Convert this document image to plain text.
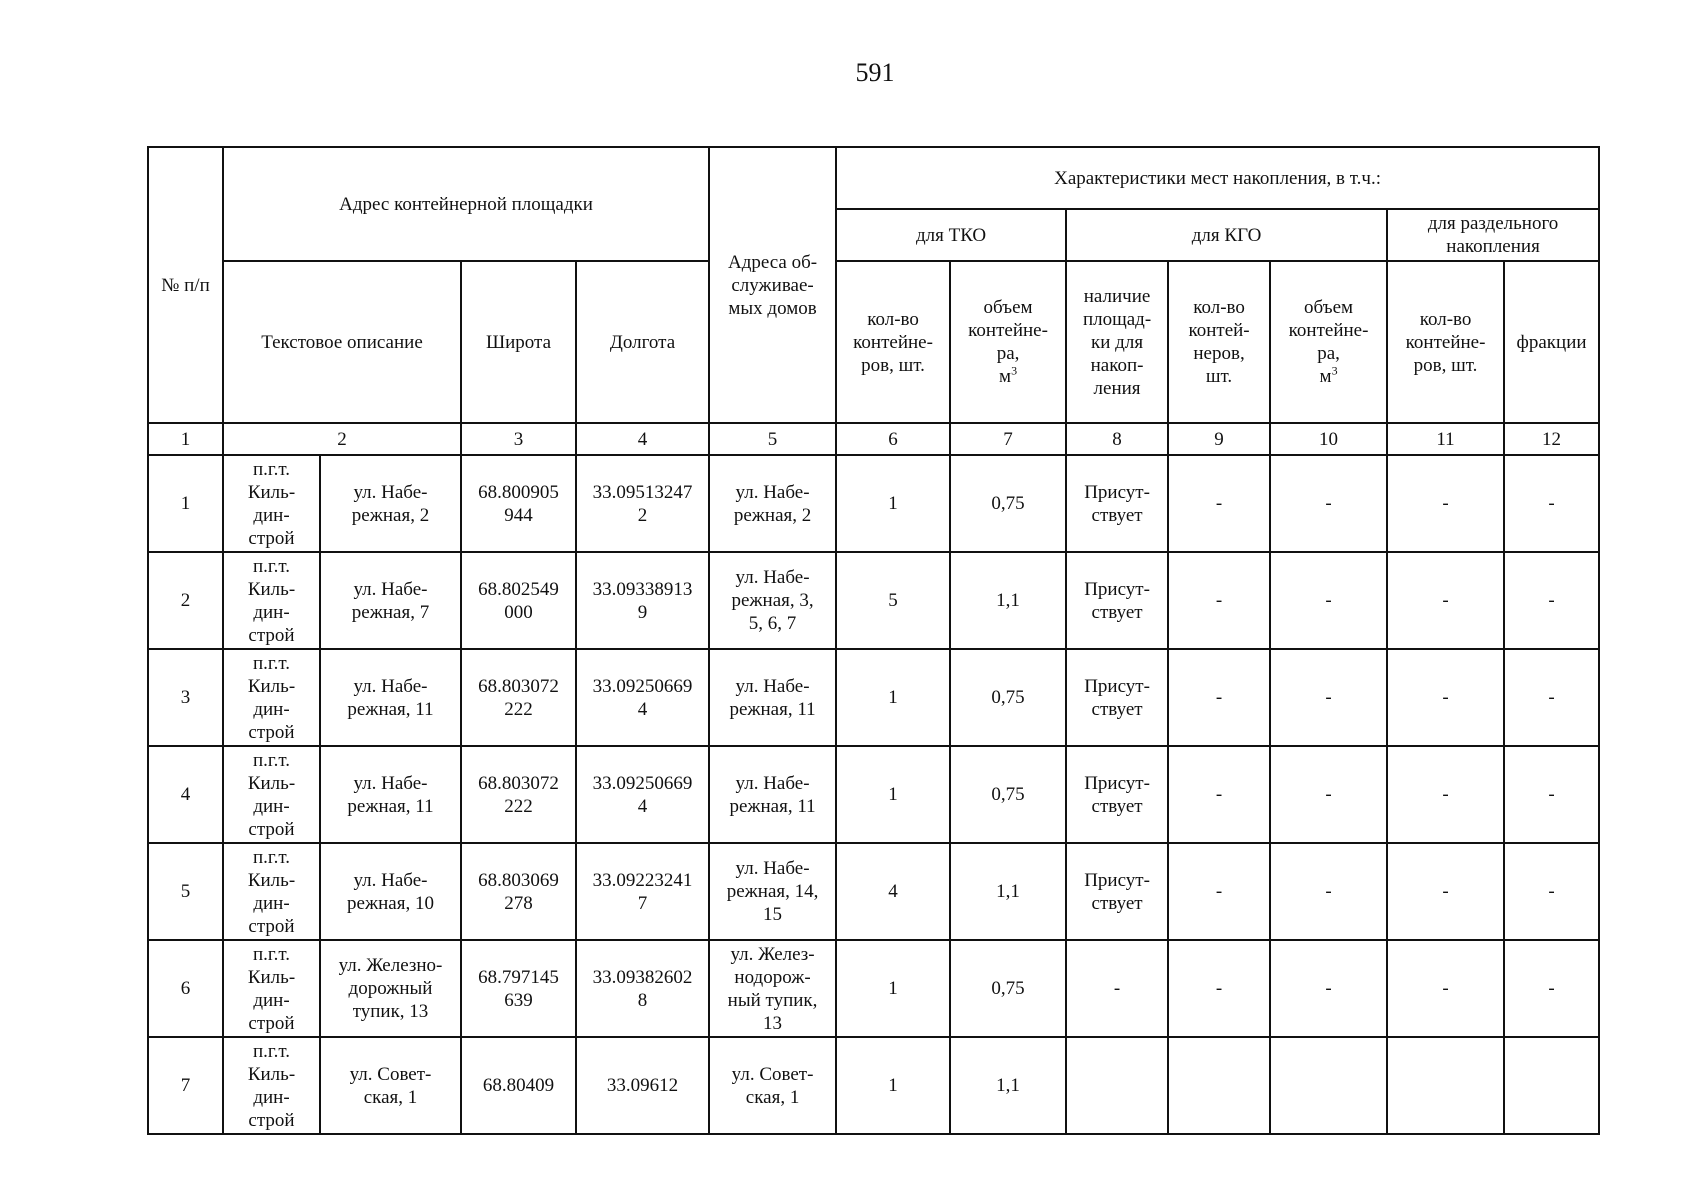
591
№ п/п	Адрес контейнерной площадки				Адреса об-
служивае-
мых домов	Характеристики мест накопления, в т.ч.:						
						для ТКО		для КГО			для раздельного
накопления	
	Текстовое описание		Широта	Долгота		кол-во
контейне-
ров, шт.	объем
контейне-
ра,
$м^3$	наличие
площад-
ки для
накоп-
ления	кол-во
контей-
неров,
шт.	объем
контейне-
ра,
$м^3$	кол-во
контейне-
ров, шт.	фракции
1	2		3	4	5	6	7	8	9	10	11	12
1	п.г.т.
Киль-
дин-
строй	ул. Набе-
режная, 2	68.800905
944	33.09513247
2	ул. Набе-
режная, 2	1	0,75	Присут-
ствует	-	-	-	-
2	п.г.т.
Киль-
дин-
строй	ул. Набе-
режная, 7	68.802549
000	33.09338913
9	ул. Набе-
режная, 3,
5, 6, 7	5	1,1	Присут-
ствует	-	-	-	-
3	п.г.т.
Киль-
дин-
строй	ул. Набе-
режная, 11	68.803072
222	33.09250669
4	ул. Набе-
режная, 11	1	0,75	Присут-
ствует	-	-	-	-
4	п.г.т.
Киль-
дин-
строй	ул. Набе-
режная, 11	68.803072
222	33.09250669
4	ул. Набе-
режная, 11	1	0,75	Присут-
ствует	-	-	-	-
5	п.г.т.
Киль-
дин-
строй	ул. Набе-
режная, 10	68.803069
278	33.09223241
7	ул. Набе-
режная, 14,
15	4	1,1	Присут-
ствует	-	-	-	-
6	п.г.т.
Киль-
дин-
строй	ул. Железно-
дорожный
тупик, 13	68.797145
639	33.09382602
8	ул. Желез-
нодорож-
ный тупик,
13	1	0,75	-	-	-	-	-
7	п.г.т.
Киль-
дин-
строй	ул. Совет-
ская, 1	68.80409	33.09612	ул. Совет-
ская, 1	1	1,1					
